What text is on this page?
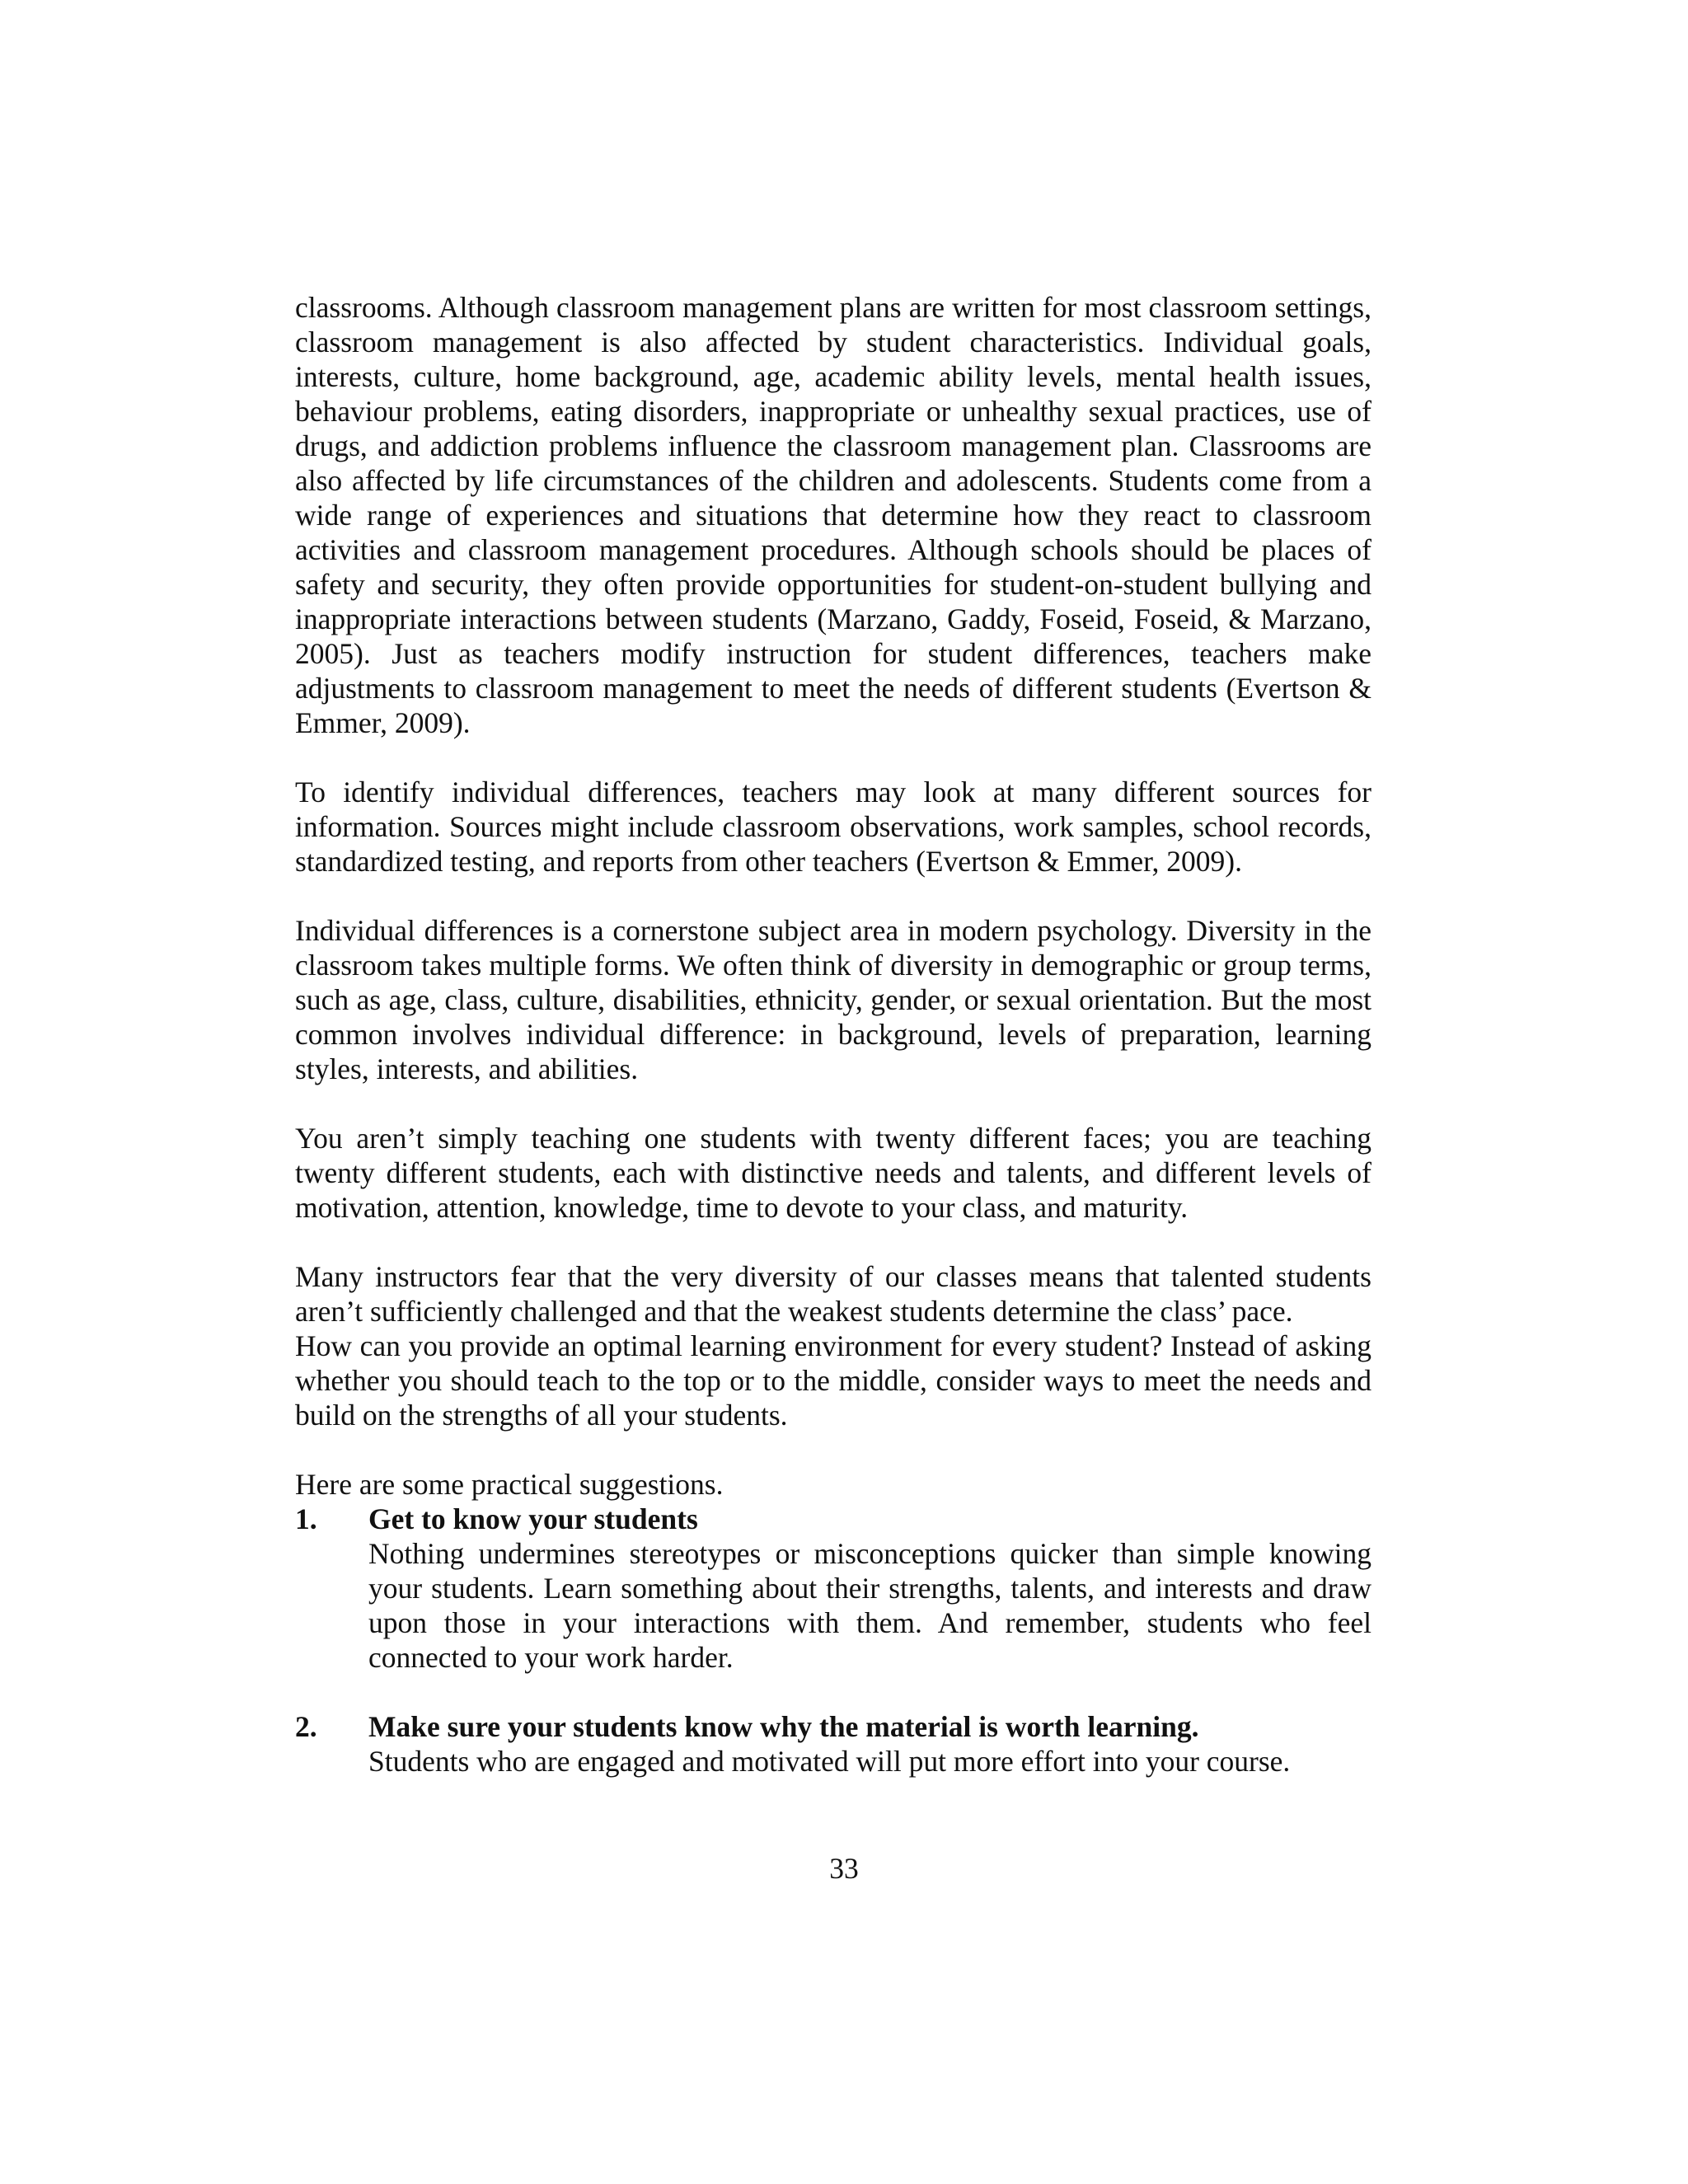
classrooms. Although classroom management plans are written for most classroom settings, classroom management is also affected by student characteristics. Individual goals, interests, culture, home background, age, academic ability levels, mental health issues, behaviour problems, eating disorders, inappropriate or unhealthy sexual practices, use of drugs, and addiction problems influence the classroom management plan. Classrooms are also affected by life circumstances of the children and adolescents. Students come from a wide range of experiences and situations that determine how they react to classroom activities and classroom management procedures. Although schools should be places of safety and security, they often provide opportunities for student-on-student bullying and inappropriate interactions between students (Marzano, Gaddy, Foseid, Foseid, & Marzano, 2005). Just as teachers modify instruction for student differences, teachers make adjustments to classroom management to meet the needs of different students (Evertson & Emmer, 2009).

To identify individual differences, teachers may look at many different sources for information. Sources might include classroom observations, work samples, school records, standardized testing, and reports from other teachers (Evertson & Emmer, 2009).

Individual differences is a cornerstone subject area in modern psychology. Diversity in the classroom takes multiple forms. We often think of diversity in demographic or group terms, such as age, class, culture, disabilities, ethnicity, gender, or sexual orientation. But the most common involves individual difference: in background, levels of preparation, learning styles, interests, and abilities.

You aren’t simply teaching one students with twenty different faces; you are teaching twenty different students, each with distinctive needs and talents, and different levels of motivation, attention, knowledge, time to devote to your class, and maturity.

Many instructors fear that the very diversity of our classes means that talented students aren’t sufficiently challenged and that the weakest students determine the class’ pace.

How can you provide an optimal learning environment for every student? Instead of asking whether you should teach to the top or to the middle, consider ways to meet the needs and build on the strengths of all your students.

Here are some practical suggestions.

1. Get to know your students

Nothing undermines stereotypes or misconceptions quicker than simple knowing your students. Learn something about their strengths, talents, and interests and draw upon those in your interactions with them. And remember, students who feel connected to your work harder.

2. Make sure your students know why the material is worth learning.

Students who are engaged and motivated will put more effort into your course.

33
